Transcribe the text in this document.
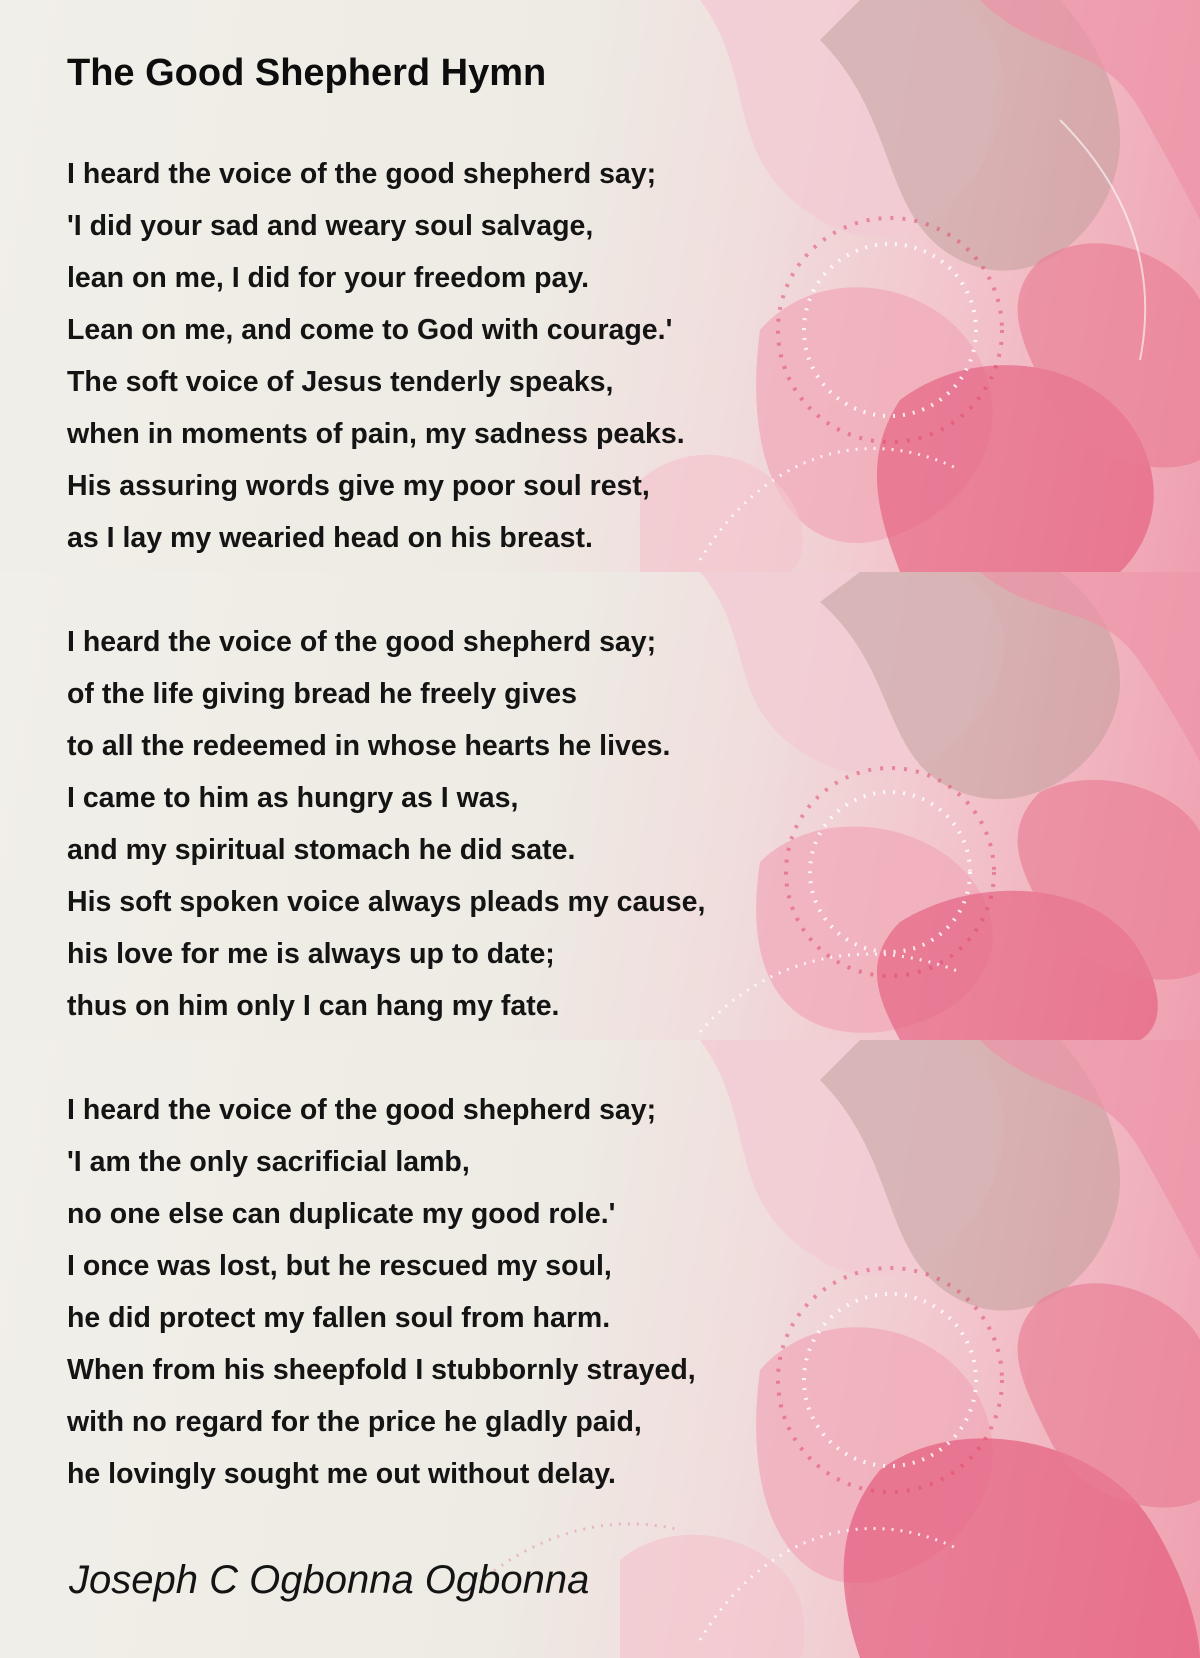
The Good Shepherd Hymn
I heard the voice of the good shepherd say;
'I did your sad and weary soul salvage,
lean on me, I did for your freedom pay.
Lean on me, and come to God with courage.'
The soft voice of Jesus tenderly speaks,
when in moments of pain, my sadness peaks.
His assuring words give my poor soul rest,
as I lay my wearied head on his breast.
I heard the voice of the good shepherd say;
of the life giving bread he freely gives
to all the redeemed in whose hearts he lives.
I came to him as hungry as I was,
and my spiritual stomach he did sate.
His soft spoken voice always pleads my cause,
his love for me is always up to date;
thus on him only I can hang my fate.
I heard the voice of the good shepherd say;
'I am the only sacrificial lamb,
no one else can duplicate my good role.'
I once was lost, but he rescued my soul,
he did protect my fallen soul from harm.
When from his sheepfold I stubbornly strayed,
with no regard for the price he gladly paid,
he lovingly sought me out without delay.

Joseph C Ogbonna Ogbonna
